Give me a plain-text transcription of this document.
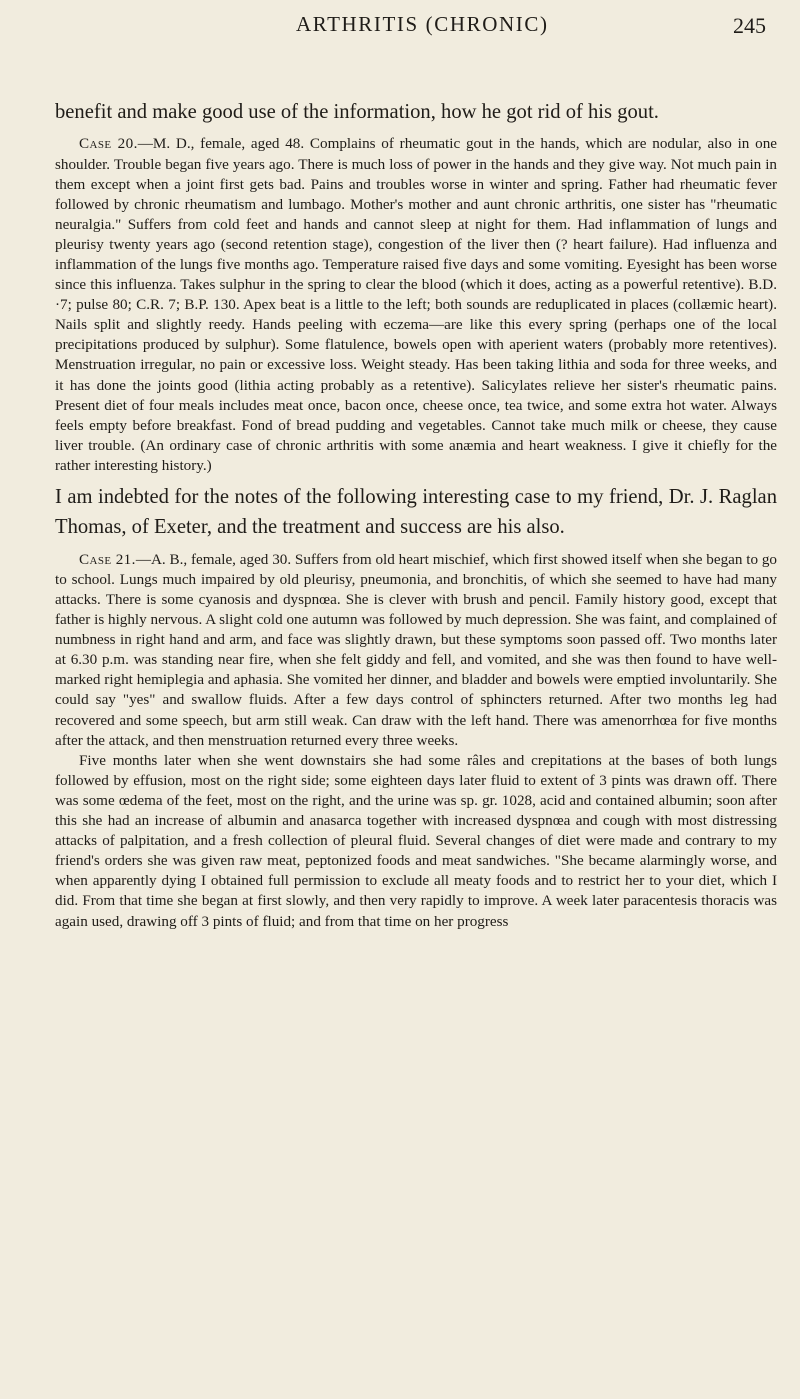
ARTHRITIS (CHRONIC)	245

benefit and make good use of the information, how he got rid of his gout.

Case 20.—M. D., female, aged 48. Complains of rheumatic gout in the hands, which are nodular, also in one shoulder. Trouble began five years ago. There is much loss of power in the hands and they give way. Not much pain in them except when a joint first gets bad. Pains and troubles worse in winter and spring. Father had rheumatic fever followed by chronic rheumatism and lumbago. Mother's mother and aunt chronic arthritis, one sister has "rheumatic neuralgia." Suffers from cold feet and hands and cannot sleep at night for them. Had inflammation of lungs and pleurisy twenty years ago (second retention stage), congestion of the liver then (? heart failure). Had influenza and inflammation of the lungs five months ago. Temperature raised five days and some vomiting. Eyesight has been worse since this influenza. Takes sulphur in the spring to clear the blood (which it does, acting as a powerful retentive). B.D. ·7; pulse 80; C.R. 7; B.P. 130. Apex beat is a little to the left; both sounds are reduplicated in places (collæmic heart). Nails split and slightly reedy. Hands peeling with eczema—are like this every spring (perhaps one of the local precipitations produced by sulphur). Some flatulence, bowels open with aperient waters (probably more retentives). Menstruation irregular, no pain or excessive loss. Weight steady. Has been taking lithia and soda for three weeks, and it has done the joints good (lithia acting probably as a retentive). Salicylates relieve her sister's rheumatic pains. Present diet of four meals includes meat once, bacon once, cheese once, tea twice, and some extra hot water. Always feels empty before breakfast. Fond of bread pudding and vegetables. Cannot take much milk or cheese, they cause liver trouble. (An ordinary case of chronic arthritis with some anæmia and heart weakness. I give it chiefly for the rather interesting history.)

I am indebted for the notes of the following interesting case to my friend, Dr. J. Raglan Thomas, of Exeter, and the treatment and success are his also.

Case 21.—A. B., female, aged 30. Suffers from old heart mischief, which first showed itself when she began to go to school. Lungs much impaired by old pleurisy, pneumonia, and bronchitis, of which she seemed to have had many attacks. There is some cyanosis and dyspnœa. She is clever with brush and pencil. Family history good, except that father is highly nervous. A slight cold one autumn was followed by much depression. She was faint, and complained of numbness in right hand and arm, and face was slightly drawn, but these symptoms soon passed off. Two months later at 6.30 p.m. was standing near fire, when she felt giddy and fell, and vomited, and she was then found to have well-marked right hemiplegia and aphasia. She vomited her dinner, and bladder and bowels were emptied involuntarily. She could say "yes" and swallow fluids. After a few days control of sphincters returned. After two months leg had recovered and some speech, but arm still weak. Can draw with the left hand. There was amenorrhœa for five months after the attack, and then menstruation returned every three weeks.

Five months later when she went downstairs she had some râles and crepitations at the bases of both lungs followed by effusion, most on the right side; some eighteen days later fluid to extent of 3 pints was drawn off. There was some œdema of the feet, most on the right, and the urine was sp. gr. 1028, acid and contained albumin; soon after this she had an increase of albumin and anasarca together with increased dyspnœa and cough with most distressing attacks of palpitation, and a fresh collection of pleural fluid. Several changes of diet were made and contrary to my friend's orders she was given raw meat, peptonized foods and meat sandwiches. "She became alarmingly worse, and when apparently dying I obtained full permission to exclude all meaty foods and to restrict her to your diet, which I did. From that time she began at first slowly, and then very rapidly to improve. A week later paracentesis thoracis was again used, drawing off 3 pints of fluid; and from that time on her progress
